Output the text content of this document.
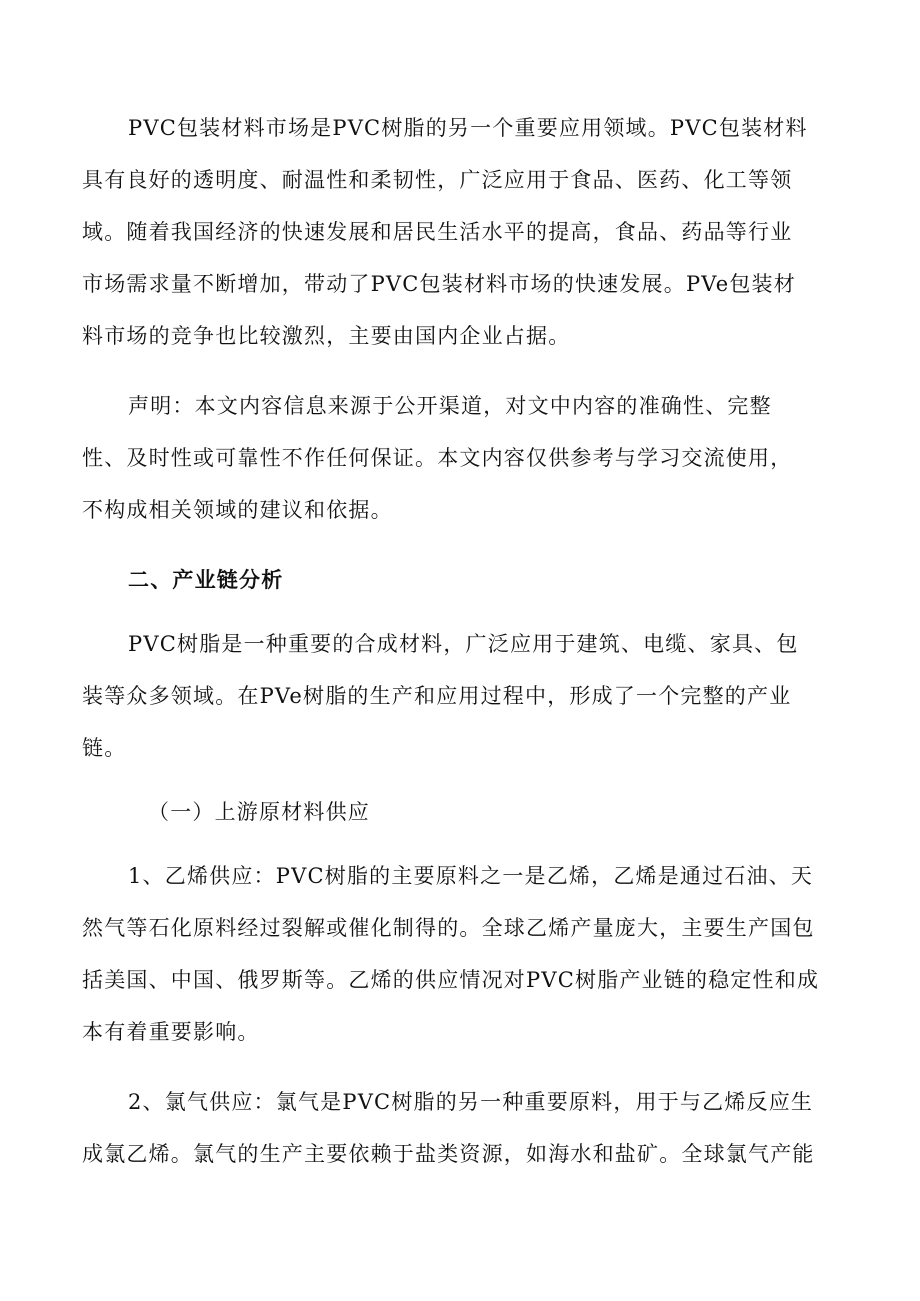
PVC包装材料市场是PVC树脂的另一个重要应用领域。PVC包装材料
具有良好的透明度、耐温性和柔韧性，广泛应用于食品、医药、化工等领
域。随着我国经济的快速发展和居民生活水平的提高，食品、药品等行业
市场需求量不断增加，带动了PVC包装材料市场的快速发展。PVe包装材
料市场的竞争也比较激烈，主要由国内企业占据。
声明：本文内容信息来源于公开渠道，对文中内容的准确性、完整
性、及时性或可靠性不作任何保证。本文内容仅供参考与学习交流使用，
不构成相关领域的建议和依据。
二、产业链分析
PVC树脂是一种重要的合成材料，广泛应用于建筑、电缆、家具、包
装等众多领域。在PVe树脂的生产和应用过程中，形成了一个完整的产业
链。
（一）上游原材料供应
1、乙烯供应：PVC树脂的主要原料之一是乙烯，乙烯是通过石油、天
然气等石化原料经过裂解或催化制得的。全球乙烯产量庞大，主要生产国包
括美国、中国、俄罗斯等。乙烯的供应情况对PVC树脂产业链的稳定性和成
本有着重要影响。
2、氯气供应：氯气是PVC树脂的另一种重要原料，用于与乙烯反应生
成氯乙烯。氯气的生产主要依赖于盐类资源，如海水和盐矿。全球氯气产能
